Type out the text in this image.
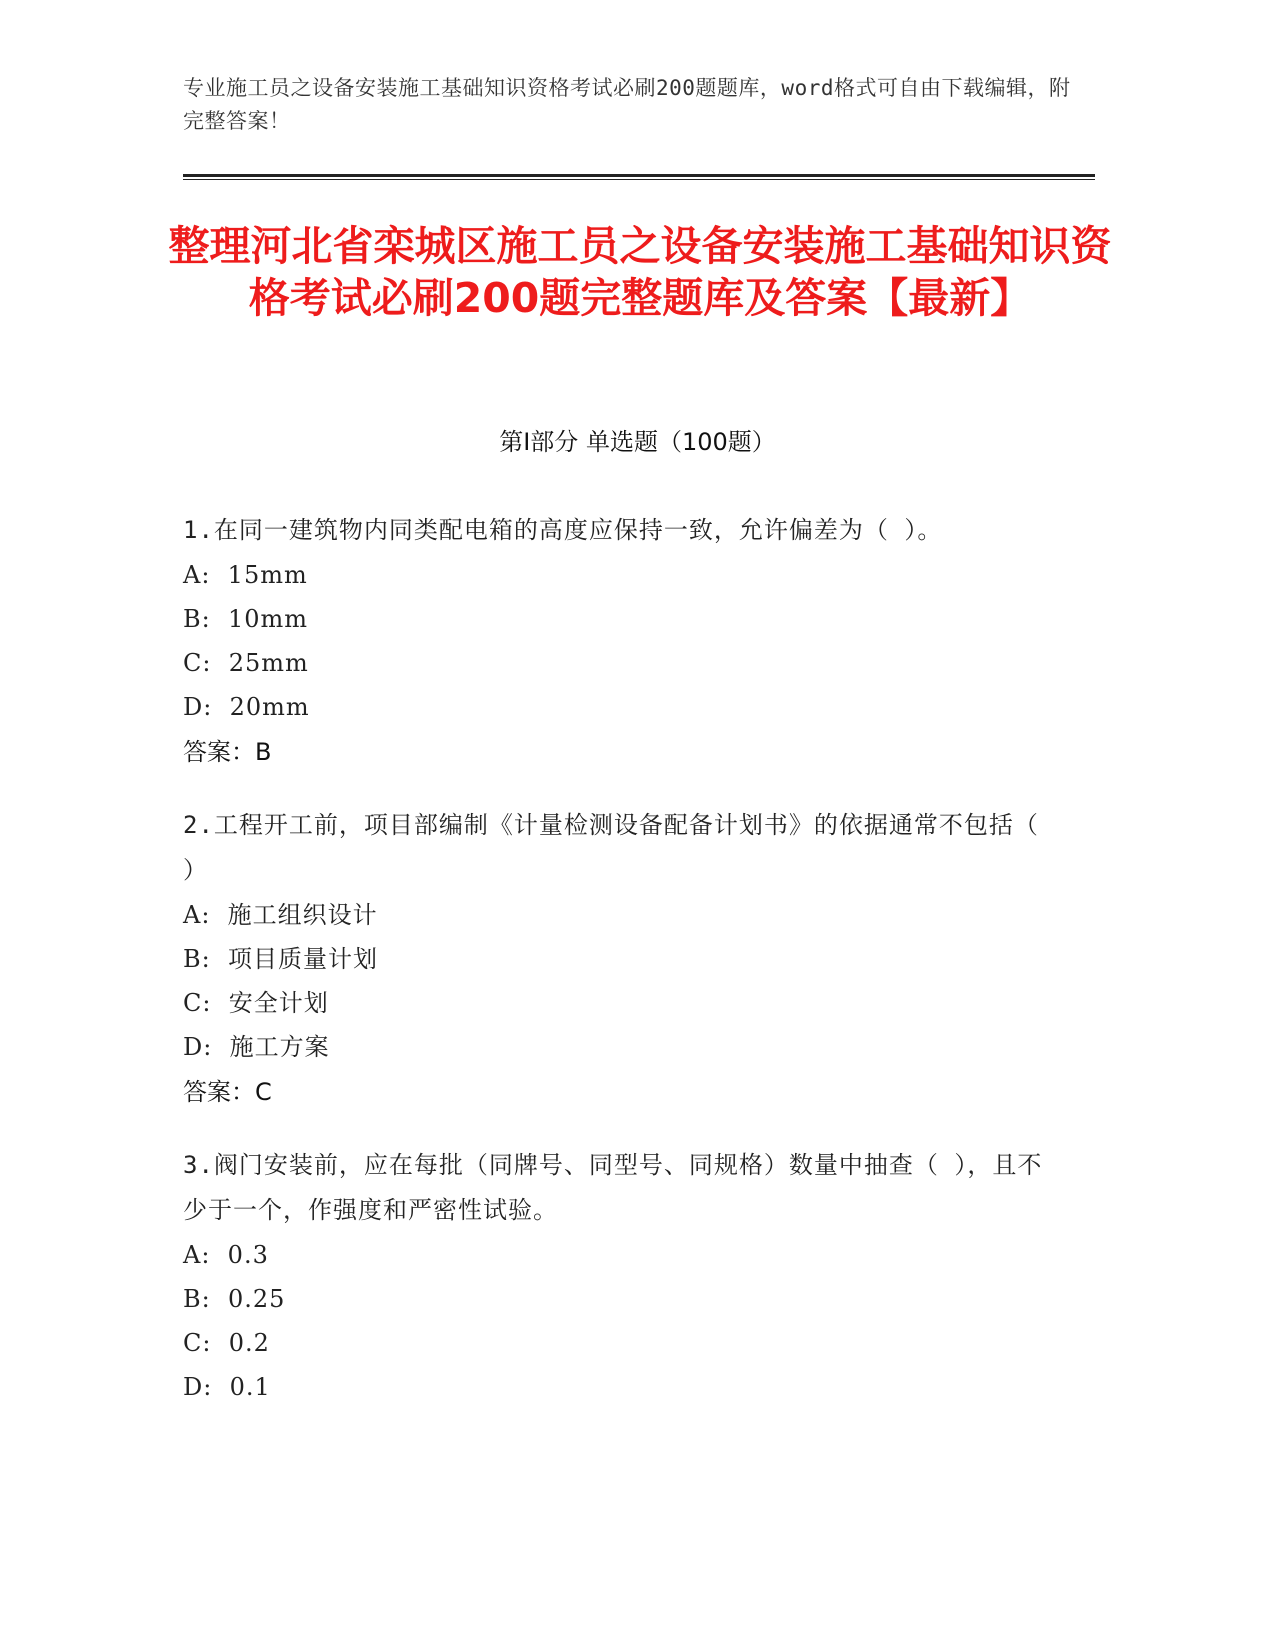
专业施工员之设备安装施工基础知识资格考试必刷200题题库，word格式可自由下载编辑，附完整答案！
整理河北省栾城区施工员之设备安装施工基础知识资格考试必刷200题完整题库及答案【最新】
第I部分 单选题（100题）
1.在同一建筑物内同类配电箱的高度应保持一致，允许偏差为（ ）。
A:  15mm
B:  10mm
C:  25mm
D:  20mm
答案：B
2.工程开工前，项目部编制《计量检测设备配备计划书》的依据通常不包括（ ）
A:  施工组织设计
B:  项目质量计划
C:  安全计划
D:  施工方案
答案：C
3.阀门安装前，应在每批（同牌号、同型号、同规格）数量中抽查（ ），且不少于一个，作强度和严密性试验。
A:  0.3
B:  0.25
C:  0.2
D:  0.1
